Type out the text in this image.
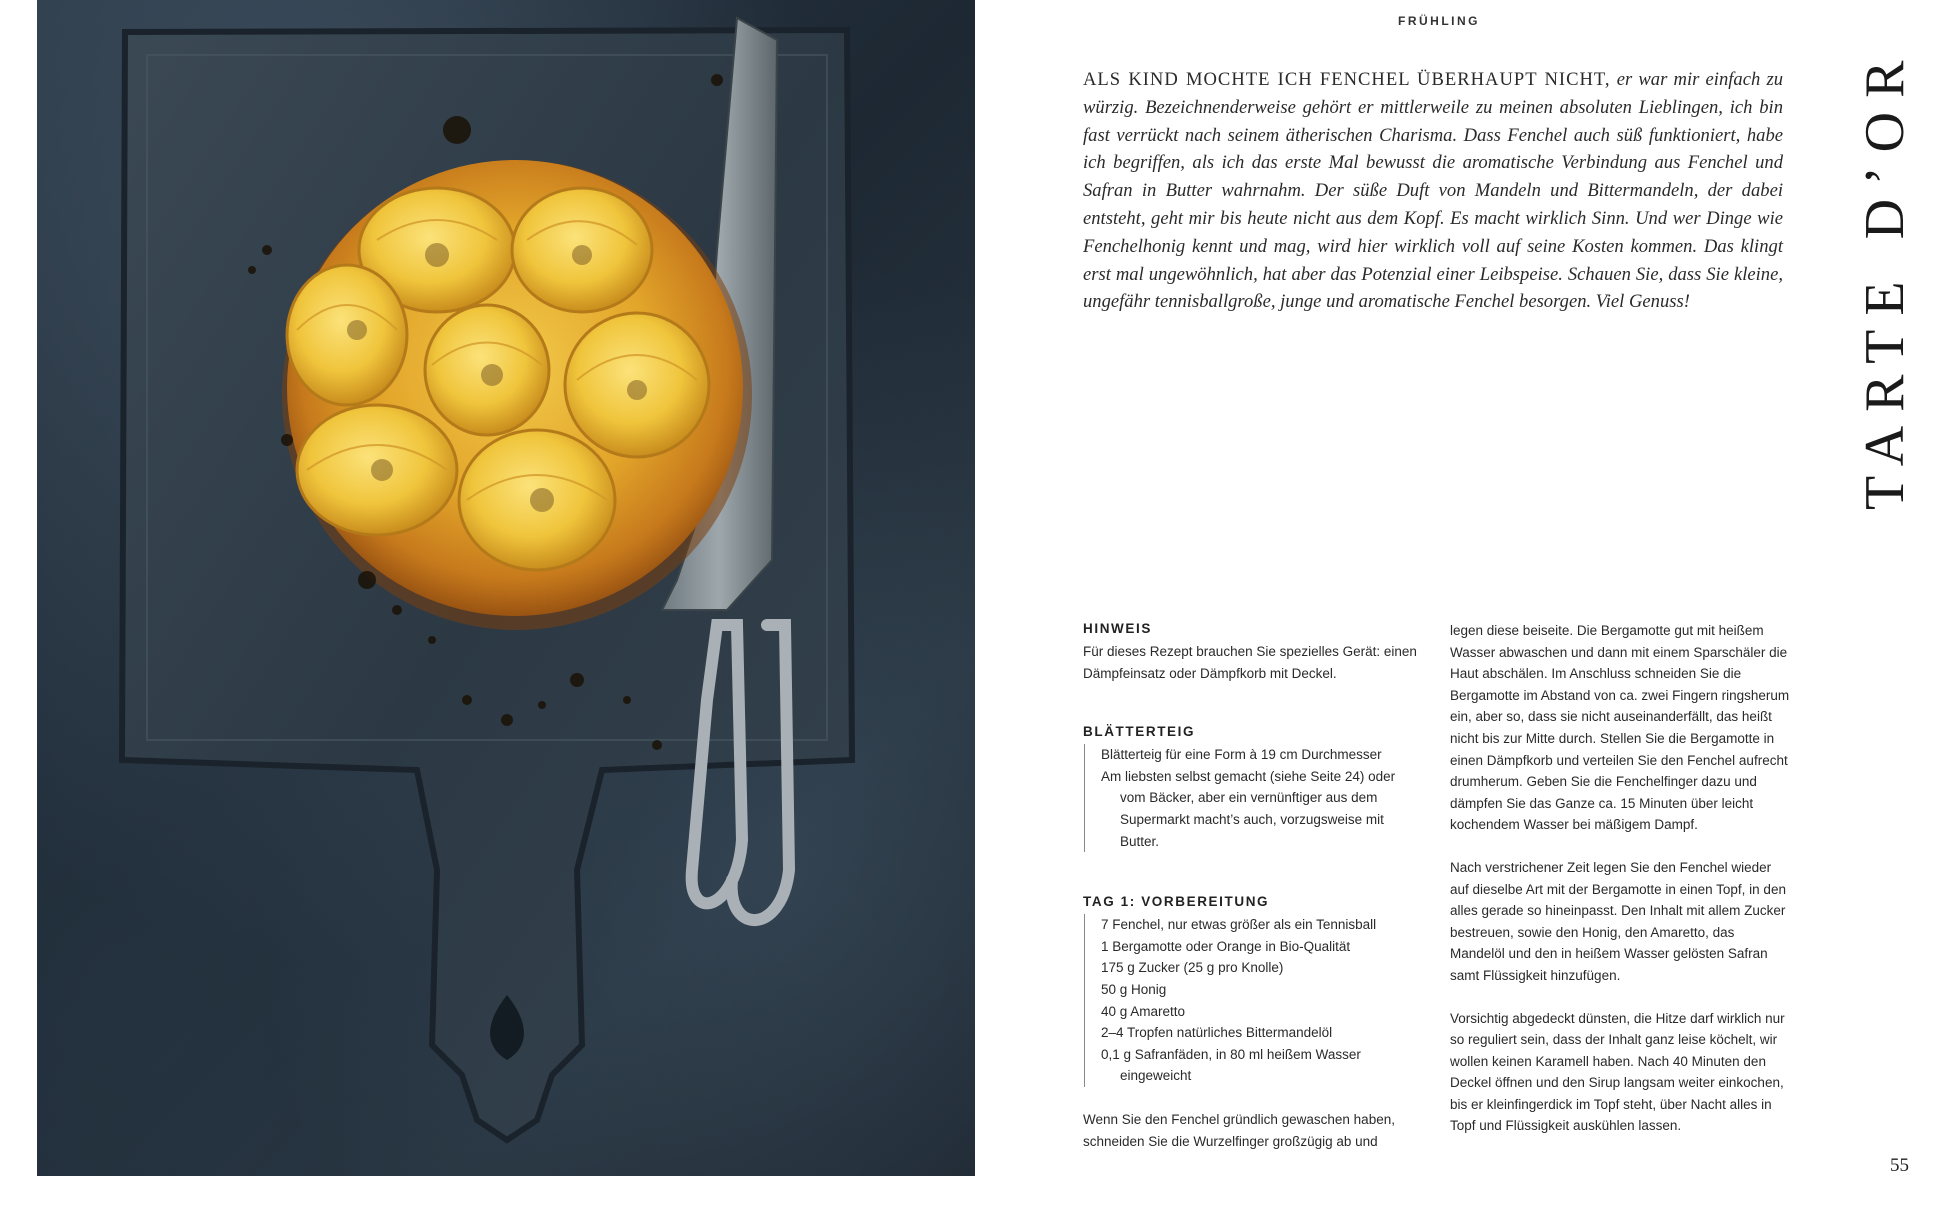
FRÜHLING
ALS KIND MOCHTE ICH FENCHEL ÜBERHAUPT NICHT, er war mir einfach zu würzig. Bezeichnenderweise gehört er mittlerweile zu meinen absoluten Lieblingen, ich bin fast verrückt nach seinem ätherischen Charisma. Dass Fenchel auch süß funktioniert, habe ich begriffen, als ich das erste Mal bewusst die aromatische Verbindung aus Fenchel und Safran in Butter wahrnahm. Der süße Duft von Mandeln und Bittermandeln, der dabei entsteht, geht mir bis heute nicht aus dem Kopf. Es macht wirklich Sinn. Und wer Dinge wie Fenchelhonig kennt und mag, wird hier wirklich voll auf seine Kosten kommen. Das klingt erst mal ungewöhnlich, hat aber das Potenzial einer Leibspeise. Schauen Sie, dass Sie kleine, ungefähr tennisballgroße, junge und aromatische Fenchel besorgen. Viel Genuss!	TARTE D’OR
HINWEIS

Für dieses Rezept brauchen Sie spezielles Gerät: einen Dämpfeinsatz oder Dämpfkorb mit Deckel.

BLÄTTERTEIG
Blätterteig für eine Form à 19 cm Durchmesser
Am liebsten selbst gemacht (siehe Seite 24) oder vom Bäcker, aber ein vernünftiger aus dem Supermarkt macht’s auch, vorzugsweise mit Butter.
TAG 1: VORBEREITUNG
7 Fenchel, nur etwas größer als ein Tennisball
1 Bergamotte oder Orange in Bio-Qualität
175 g Zucker (25 g pro Knolle)
50 g Honig
40 g Amaretto
2–4 Tropfen natürliches Bittermandelöl
0,1 g Safranfäden, in 80 ml heißem Wasser eingeweicht

Wenn Sie den Fenchel gründlich gewaschen haben, schneiden Sie die Wurzelfinger großzügig ab und

legen diese beiseite. Die Bergamotte gut mit heißem Wasser abwaschen und dann mit einem Sparschäler die Haut abschälen. Im Anschluss schneiden Sie die Bergamotte im Abstand von ca. zwei Fingern ringsherum ein, aber so, dass sie nicht auseinanderfällt, das heißt nicht bis zur Mitte durch. Stellen Sie die Bergamotte in einen Dämpfkorb und verteilen Sie den Fenchel aufrecht drumherum. Geben Sie die Fenchelfinger dazu und dämpfen Sie das Ganze ca. 15 Minuten über leicht kochendem Wasser bei mäßigem Dampf.

Nach verstrichener Zeit legen Sie den Fenchel wieder auf dieselbe Art mit der Bergamotte in einen Topf, in den alles gerade so hineinpasst. Den Inhalt mit allem Zucker bestreuen, sowie den Honig, den Amaretto, das Mandelöl und den in heißem Wasser gelösten Safran samt Flüssigkeit hinzufügen.

Vorsichtig abgedeckt dünsten, die Hitze darf wirklich nur so reguliert sein, dass der Inhalt ganz leise köchelt, wir wollen keinen Karamell haben. Nach 40 Minuten den Deckel öffnen und den Sirup langsam weiter einkochen, bis er kleinfingerdick im Topf steht, über Nacht alles in Topf und Flüssigkeit auskühlen lassen.

55
